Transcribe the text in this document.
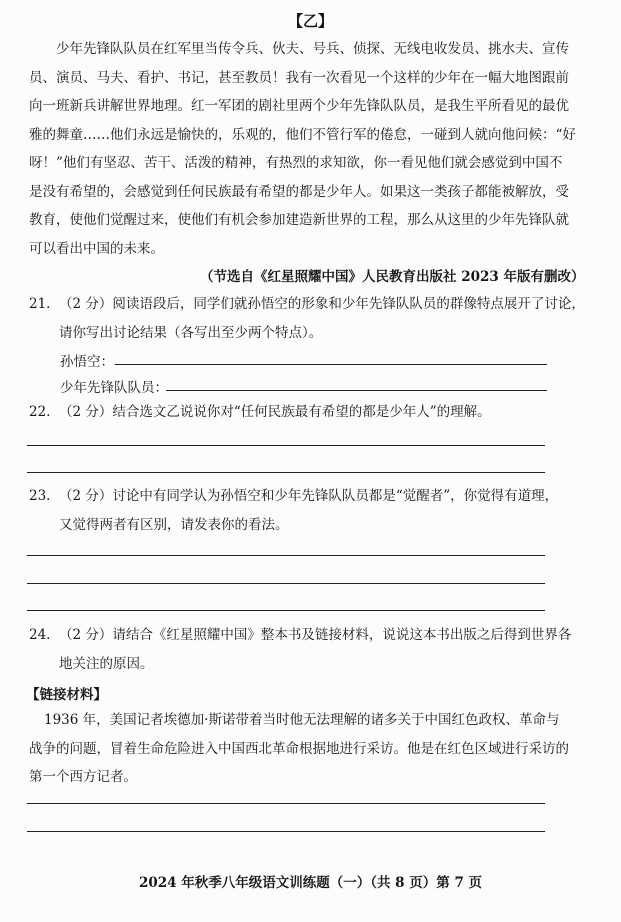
【乙】
少年先锋队队员在红军里当传令兵、伙夫、号兵、侦探、无线电收发员、挑水夫、宣传
员、演员、马夫、看护、书记，甚至教员！我有一次看见一个这样的少年在一幅大地图跟前
向一班新兵讲解世界地理。红一军团的剧社里两个少年先锋队队员，是我生平所看见的最优
雅的舞童……他们永远是愉快的，乐观的，他们不管行军的倦怠，一碰到人就向他问候：“好
呀！”他们有坚忍、苦干、活泼的精神，有热烈的求知欲，你一看见他们就会感觉到中国不
是没有希望的，会感觉到任何民族最有希望的都是少年人。如果这一类孩子都能被解放，受
教育，使他们觉醒过来，使他们有机会参加建造新世界的工程，那么从这里的少年先锋队就
可以看出中国的未来。
（节选自《红星照耀中国》人民教育出版社 2023 年版有删改）
21. （2 分）阅读语段后，同学们就孙悟空的形象和少年先锋队队员的群像特点展开了讨论，
请你写出讨论结果（各写出至少两个特点）。
孙悟空：
少年先锋队队员：
22. （2 分）结合选文乙说说你对“任何民族最有希望的都是少年人”的理解。
23. （2 分）讨论中有同学认为孙悟空和少年先锋队队员都是“觉醒者”，你觉得有道理，
又觉得两者有区别，请发表你的看法。
24. （2 分）请结合《红星照耀中国》整本书及链接材料，说说这本书出版之后得到世界各
地关注的原因。
【链接材料】
1936 年，美国记者埃德加·斯诺带着当时他无法理解的诸多关于中国红色政权、革命与
战争的问题，冒着生命危险进入中国西北革命根据地进行采访。他是在红色区域进行采访的
第一个西方记者。
2024 年秋季八年级语文训练题（一）（共 8 页）第 7 页
